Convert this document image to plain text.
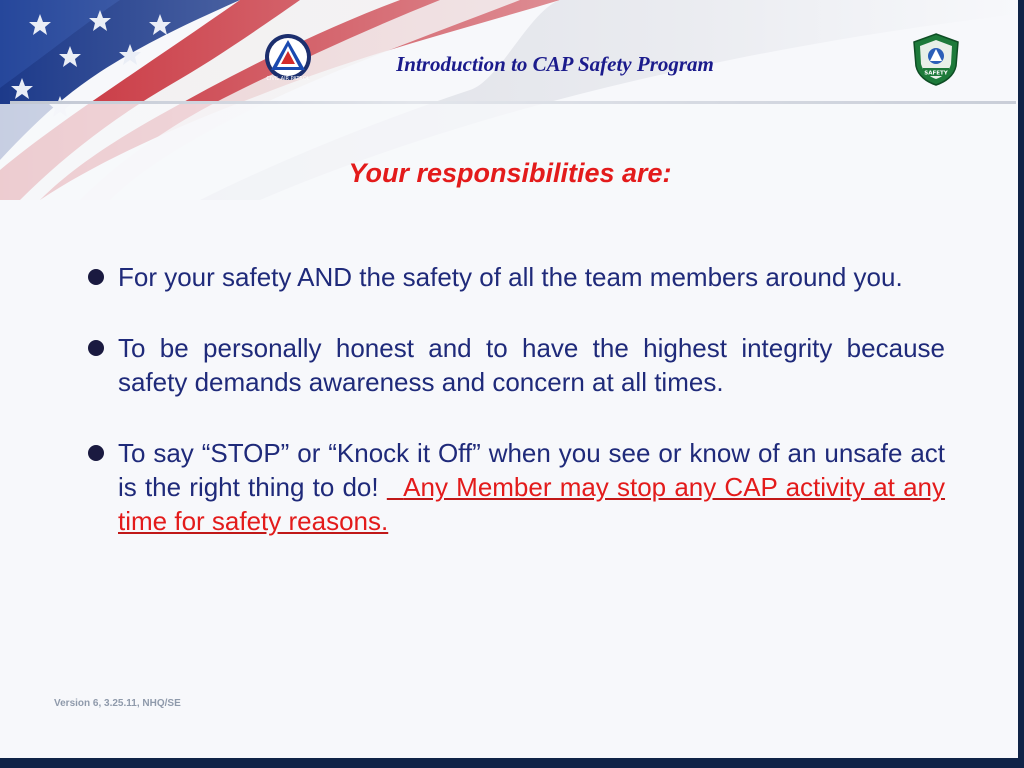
CIVIL AIR PATROL
Introduction to CAP Safety Program	SAFETY
Your responsibilities are:
For your safety AND the safety of all the team members around you.
To be personally honest and to have the highest integrity because safety demands awareness and concern at all times.
To say “STOP” or “Knock it Off” when you see or know of an unsafe act is the right thing to do!   Any Member may stop any CAP activity at any time for safety reasons.
Version 6, 3.25.11, NHQ/SE
